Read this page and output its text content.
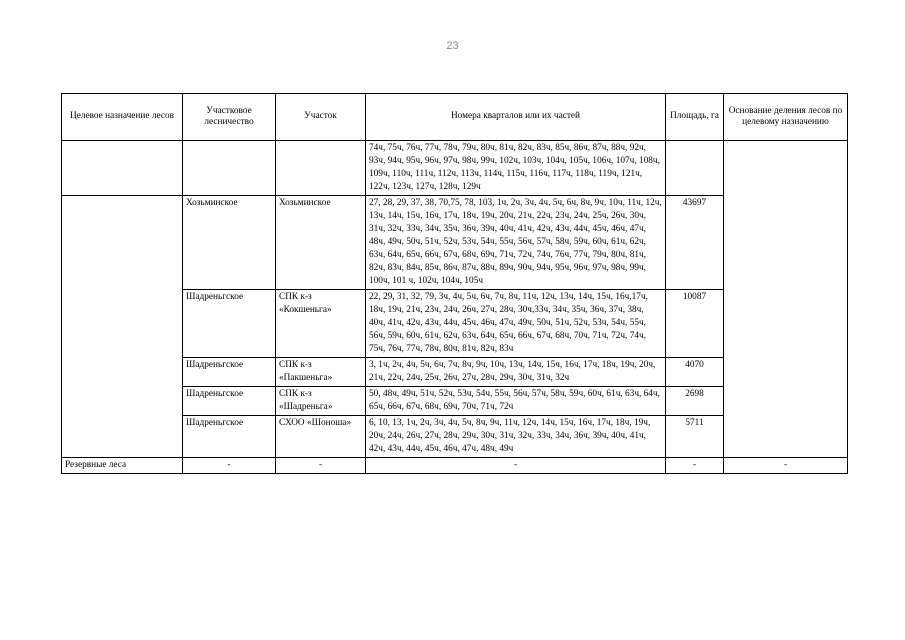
23
Целевое назначение лесов	Участковое лесничество	Участок	Номера кварталов или их частей	Площадь, га	Основание деления лесов по целевому назначению
			74ч, 75ч, 76ч, 77ч, 78ч, 79ч, 80ч, 81ч, 82ч, 83ч, 85ч, 86ч, 87ч, 88ч, 92ч, 93ч, 94ч, 95ч, 96ч, 97ч, 98ч, 99ч, 102ч, 103ч, 104ч, 105ч, 106ч, 107ч, 108ч, 109ч, 110ч, 111ч, 112ч, 113ч, 114ч, 115ч, 116ч, 117ч, 118ч, 119ч, 121ч, 122ч, 123ч, 127ч, 128ч, 129ч		
	Хозьминское	Хозьминское	27, 28, 29, 37, 38, 70,75, 78, 103, 1ч, 2ч, 3ч, 4ч, 5ч, 6ч, 8ч, 9ч, 10ч, 11ч, 12ч, 13ч, 14ч, 15ч, 16ч, 17ч, 18ч, 19ч, 20ч, 21ч, 22ч, 23ч, 24ч, 25ч, 26ч, 30ч, 31ч, 32ч, 33ч, 34ч, 35ч, 36ч, 39ч, 40ч, 41ч, 42ч, 43ч, 44ч, 45ч, 46ч, 47ч, 48ч, 49ч, 50ч, 51ч, 52ч, 53ч, 54ч, 55ч, 56ч, 57ч, 58ч, 59ч, 60ч, 61ч, 62ч, 63ч, 64ч, 65ч, 66ч, 67ч, 68ч, 69ч, 71ч, 72ч, 74ч, 76ч, 77ч, 79ч, 80ч, 81ч, 82ч, 83ч, 84ч, 85ч, 86ч, 87ч, 88ч, 89ч, 90ч, 94ч, 95ч, 96ч, 97ч, 98ч, 99ч, 100ч, 101 ч, 102ч, 104ч, 105ч	43697	
	Шадреньгское	СПК к-з «Кокшеньга»	22, 29, 31, 32, 79, 3ч, 4ч, 5ч, 6ч, 7ч, 8ч, 11ч, 12ч, 13ч, 14ч, 15ч, 16ч,17ч, 18ч, 19ч, 21ч, 23ч, 24ч, 26ч, 27ч, 28ч, 30ч,33ч, 34ч, 35ч, 36ч, 37ч, 38ч, 40ч, 41ч, 42ч, 43ч, 44ч, 45ч, 46ч, 47ч, 49ч, 50ч, 51ч, 52ч, 53ч, 54ч, 55ч, 56ч, 59ч, 60ч, 61ч, 62ч, 63ч, 64ч, 65ч, 66ч, 67ч, 68ч, 70ч, 71ч, 72ч, 74ч, 75ч, 76ч, 77ч, 78ч, 80ч, 81ч, 82ч, 83ч	10087	
	Шадреньгское	СПК к-з «Пакшеньга»	3, 1ч, 2ч, 4ч, 5ч, 6ч, 7ч, 8ч, 9ч, 10ч, 13ч, 14ч, 15ч, 16ч, 17ч, 18ч, 19ч, 20ч, 21ч, 22ч, 24ч, 25ч, 26ч, 27ч, 28ч, 29ч, 30ч, 31ч, 32ч	4070	
	Шадреньгское	СПК к-з «Шадреньга»	50, 48ч, 49ч, 51ч, 52ч, 53ч, 54ч, 55ч, 56ч, 57ч, 58ч, 59ч, 60ч, 61ч, 63ч, 64ч, 65ч, 66ч, 67ч, 68ч, 69ч, 70ч, 71ч, 72ч	2698	
	Шадреньгское	СХОО «Шоноша»	6, 10, 13, 1ч, 2ч, 3ч, 4ч, 5ч, 8ч, 9ч, 11ч, 12ч, 14ч, 15ч, 16ч, 17ч, 18ч, 19ч, 20ч, 24ч, 26ч, 27ч, 28ч, 29ч, 30ч, 31ч, 32ч, 33ч, 34ч, 36ч, 39ч, 40ч, 41ч, 42ч, 43ч, 44ч, 45ч, 46ч, 47ч, 48ч, 49ч	5711	
Резервные леса	-	-	-	-	-
